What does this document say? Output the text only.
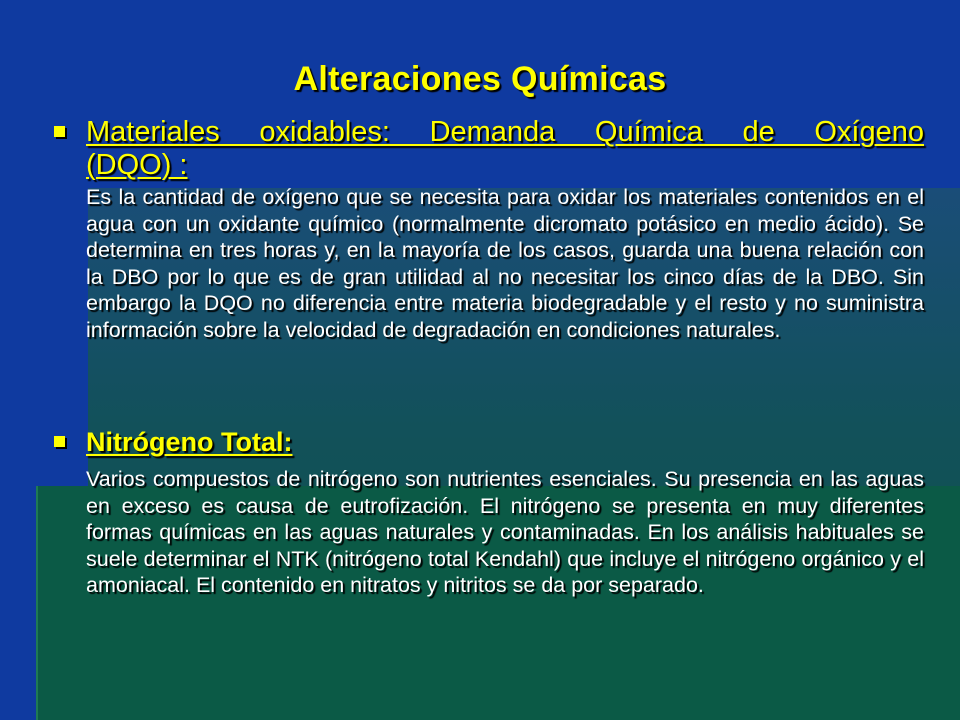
Alteraciones Químicas
Materiales oxidables: Demanda Química de Oxígeno
(DQO) :
Es la cantidad de oxígeno que se necesita para oxidar los materiales contenidos en el agua con un oxidante químico (normalmente dicromato potásico en medio ácido). Se determina en tres horas y, en la mayoría de los casos, guarda una buena relación con la DBO por lo que es de gran utilidad al no necesitar los cinco días de la DBO. Sin embargo la DQO no diferencia entre materia biodegradable y el resto y no suministra información sobre la velocidad de degradación en condiciones naturales.
Nitrógeno Total:
Varios compuestos de nitrógeno son nutrientes esenciales. Su presencia en las aguas en exceso es causa de eutrofización. El nitrógeno se presenta en muy diferentes formas químicas en las aguas naturales y contaminadas. En los análisis habituales se suele determinar el NTK (nitrógeno total Kendahl) que incluye el nitrógeno orgánico y el amoniacal. El contenido en nitratos y nitritos se da por separado.
